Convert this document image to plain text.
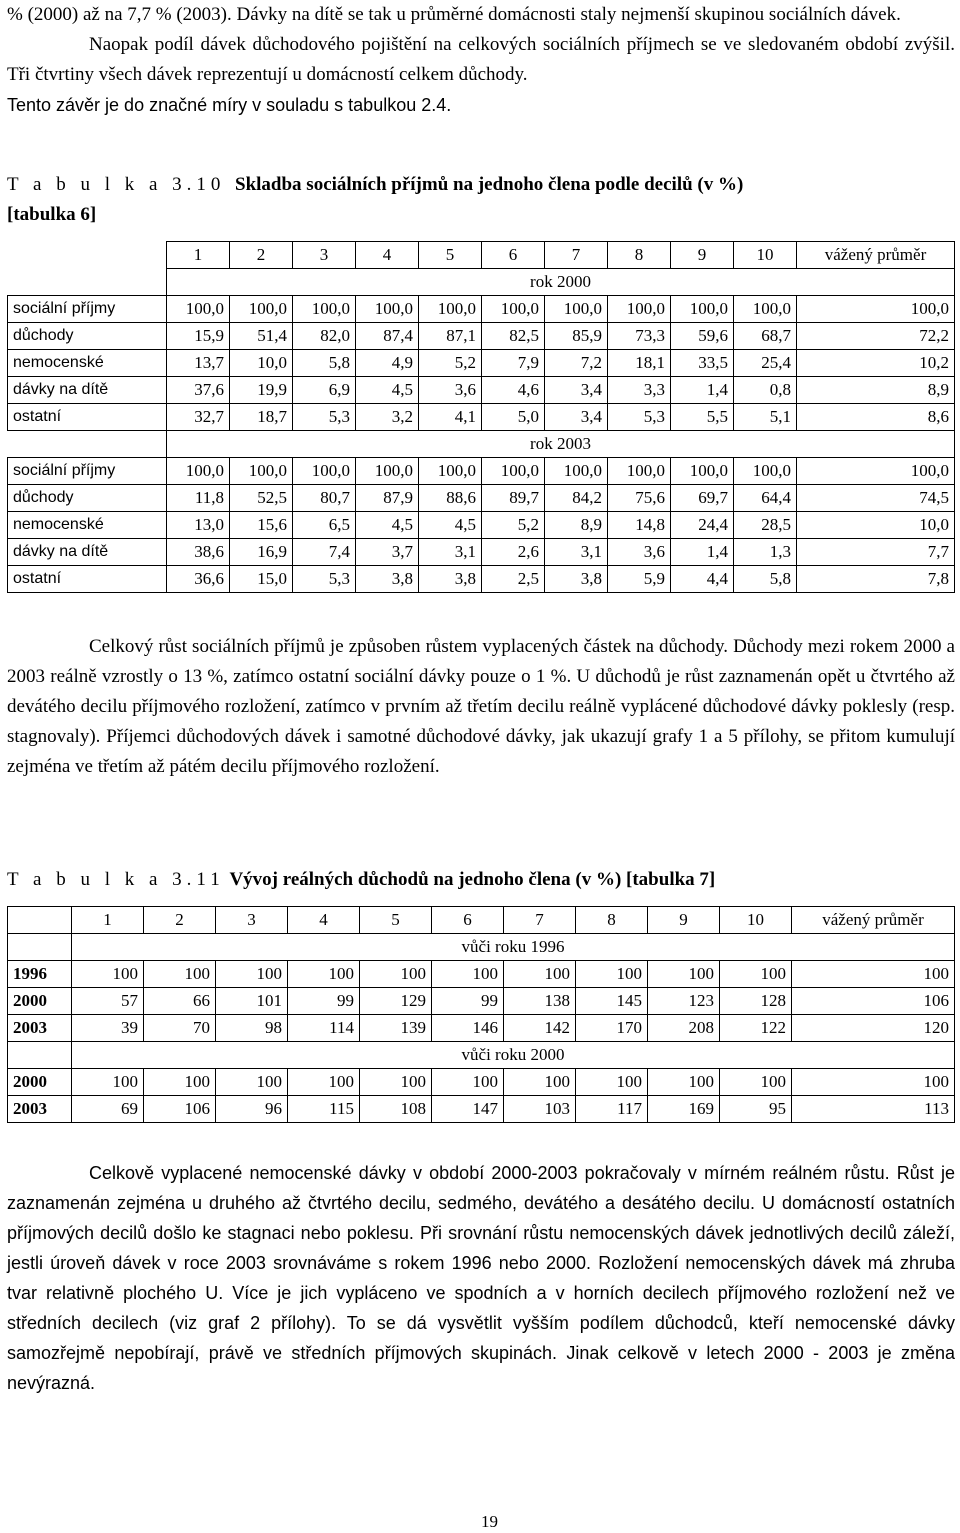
% (2000) až na 7,7 % (2003). Dávky na dítě se tak u průměrné domácnosti staly nejmenší skupinou sociálních dávek.

Naopak podíl dávek důchodového pojištění na celkových sociálních příjmech se ve sledovaném období zvýšil. Tři čtvrtiny všech dávek reprezentují u domácností celkem důchody.

Tento závěr je do značné míry v souladu s tabulkou 2.4.
T a b u l k a 3.10 Skladba sociálních příjmů na jednoho člena podle decilů (v %)
[tabulka 6]
	1	2	3	4	5	6	7	8	9	10	vážený průměr
	rok 2000										
sociální příjmy	100,0	100,0	100,0	100,0	100,0	100,0	100,0	100,0	100,0	100,0	100,0
důchody	15,9	51,4	82,0	87,4	87,1	82,5	85,9	73,3	59,6	68,7	72,2
nemocenské	13,7	10,0	5,8	4,9	5,2	7,9	7,2	18,1	33,5	25,4	10,2
dávky na dítě	37,6	19,9	6,9	4,5	3,6	4,6	3,4	3,3	1,4	0,8	8,9
ostatní	32,7	18,7	5,3	3,2	4,1	5,0	3,4	5,3	5,5	5,1	8,6
	rok 2003										
sociální příjmy	100,0	100,0	100,0	100,0	100,0	100,0	100,0	100,0	100,0	100,0	100,0
důchody	11,8	52,5	80,7	87,9	88,6	89,7	84,2	75,6	69,7	64,4	74,5
nemocenské	13,0	15,6	6,5	4,5	4,5	5,2	8,9	14,8	24,4	28,5	10,0
dávky na dítě	38,6	16,9	7,4	3,7	3,1	2,6	3,1	3,6	1,4	1,3	7,7
ostatní	36,6	15,0	5,3	3,8	3,8	2,5	3,8	5,9	4,4	5,8	7,8
Celkový růst sociálních příjmů je způsoben růstem vyplacených částek na důchody. Důchody mezi rokem 2000 a 2003 reálně vzrostly o 13 %, zatímco ostatní sociální dávky pouze o 1 %. U důchodů je růst zaznamenán opět u čtvrtého až devátého decilu příjmového rozložení, zatímco v prvním až třetím decilu reálně vyplácené důchodové dávky poklesly (resp. stagnovaly). Příjemci důchodových dávek i samotné důchodové dávky, jak ukazují grafy 1 a 5 přílohy, se přitom kumulují zejména ve třetím až pátém decilu příjmového rozložení.
T a b u l k a 3.11 Vývoj reálných důchodů na jednoho člena (v %) [tabulka 7]
	1	2	3	4	5	6	7	8	9	10	vážený průměr
	vůči roku 1996										
1996	100	100	100	100	100	100	100	100	100	100	100
2000	57	66	101	99	129	99	138	145	123	128	106
2003	39	70	98	114	139	146	142	170	208	122	120
	vůči roku 2000										
2000	100	100	100	100	100	100	100	100	100	100	100
2003	69	106	96	115	108	147	103	117	169	95	113
Celkově vyplacené nemocenské dávky v období 2000-2003 pokračovaly v mírném reálném růstu. Růst je zaznamenán zejména u druhého až čtvrtého decilu, sedmého, devátého a desátého decilu. U domácností ostatních příjmových decilů došlo ke stagnaci nebo poklesu. Při srovnání růstu nemocenských dávek jednotlivých decilů záleží, jestli úroveň dávek v roce 2003 srovnáváme s rokem 1996 nebo 2000. Rozložení nemocenských dávek má zhruba tvar relativně plochého U. Více je jich vypláceno ve spodních a v horních decilech příjmového rozložení než ve středních decilech (viz graf 2 přílohy). To se dá vysvětlit vyšším podílem důchodců, kteří nemocenské dávky samozřejmě nepobírají, právě ve středních příjmových skupinách. Jinak celkově v letech 2000 - 2003 je změna nevýrazná.
19
